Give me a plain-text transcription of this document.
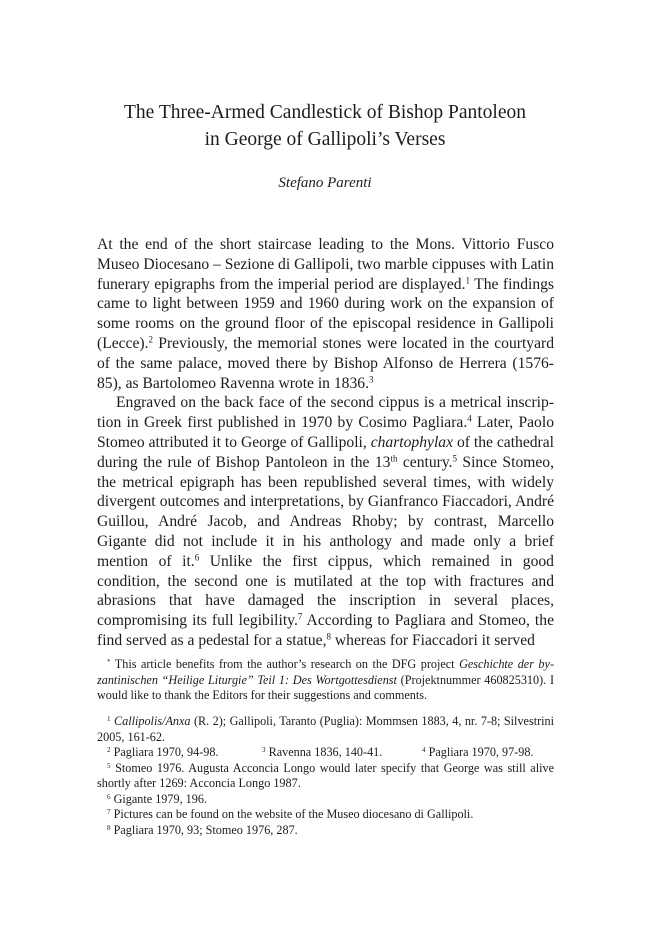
The Three-Armed Candlestick of Bishop Pantoleon
in George of Gallipoli’s Verses
Stefano Parenti

At the end of the short staircase leading to the Mons. Vittorio Fusco Museo Diocesano – Sezione di Gallipoli, two marble cippuses with Latin funerary epigraphs from the imperial period are displayed.$^1$ The findings came to light between 1959 and 1960 during work on the expansion of some rooms on the ground floor of the episcopal residence in Gallipoli (Lecce).$^2$ Previously, the memorial stones were located in the courtyard of the same palace, moved there by Bishop Alfonso de Herrera (1576-85), as Bartolomeo Ravenna wrote in 1836.$^3$

Engraved on the back face of the second cippus is a metrical inscription in Greek first published in 1970 by Cosimo Pagliara.$^4$ Later, Paolo Stomeo attributed it to George of Gallipoli, chartophylax of the cathedral during the rule of Bishop Pantoleon in the 13th century.$^5$ Since Stomeo, the metrical epigraph has been republished several times, with widely divergent outcomes and interpretations, by Gianfranco Fiaccadori, André Guillou, André Jacob, and Andreas Rhoby; by contrast, Marcello Gigante did not include it in his anthology and made only a brief mention of it.$^6$ Unlike the first cippus, which remained in good condition, the second one is mutilated at the top with fractures and abrasions that have damaged the inscription in several places, compromising its full legibility.$^7$ According to Pagliara and Stomeo, the find served as a pedestal for a statue,$^8$ whereas for Fiaccadori it served

* This article benefits from the author’s research on the DFG project Geschichte der byzantinischen “Heilige Liturgie” Teil 1: Des Wortgottesdienst (Projektnummer 460825310). I would like to thank the Editors for their suggestions and comments.

$^1$ Callipolis/Anxa (R. 2); Gallipoli, Taranto (Puglia): Mommsen 1883, 4, nr. 7-8; Silvestrini 2005, 161-62.

$^2$ Pagliara 1970, 94-98.	$^3$ Ravenna 1836, 140-41.	$^4$ Pagliara 1970, 97-98.

$^5$ Stomeo 1976. Augusta Acconcia Longo would later specify that George was still alive shortly after 1269: Acconcia Longo 1987.

$^6$ Gigante 1979, 196.

$^7$ Pictures can be found on the website of the Museo diocesano di Gallipoli.

$^8$ Pagliara 1970, 93; Stomeo 1976, 287.
